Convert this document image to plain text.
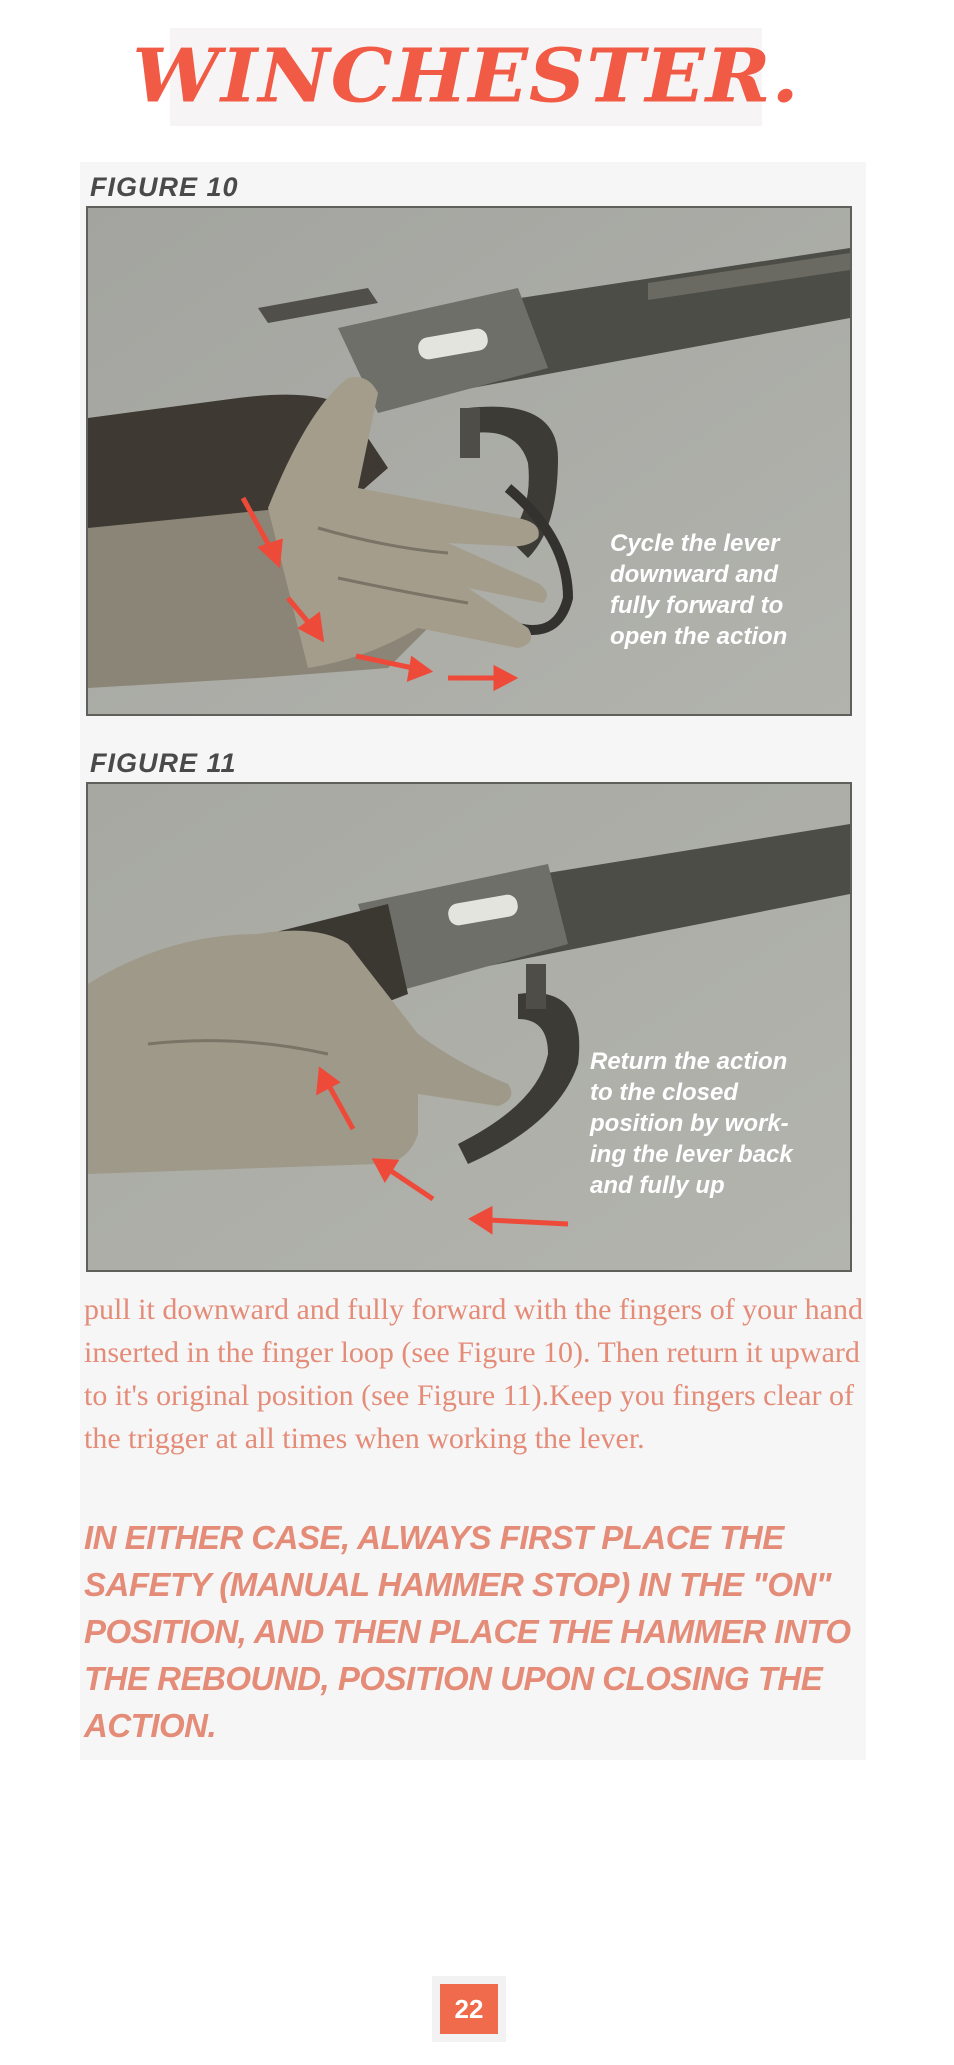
WINCHESTER.
FIGURE 10
Cycle the lever
downward and
fully forward to
open the action
FIGURE 11
Return the action
to the closed
position by work-
ing the lever back
and fully up
pull it downward and fully forward with the fingers of your hand inserted in the finger loop (see Figure 10). Then return it upward to it's original position (see Figure 11).Keep you fingers clear of the trigger at all times when working the lever.
IN EITHER CASE, ALWAYS FIRST PLACE THE SAFETY (MANUAL HAMMER STOP) IN THE "ON" POSITION, AND THEN PLACE THE HAMMER INTO THE REBOUND, POSITION UPON CLOSING THE ACTION.
22
